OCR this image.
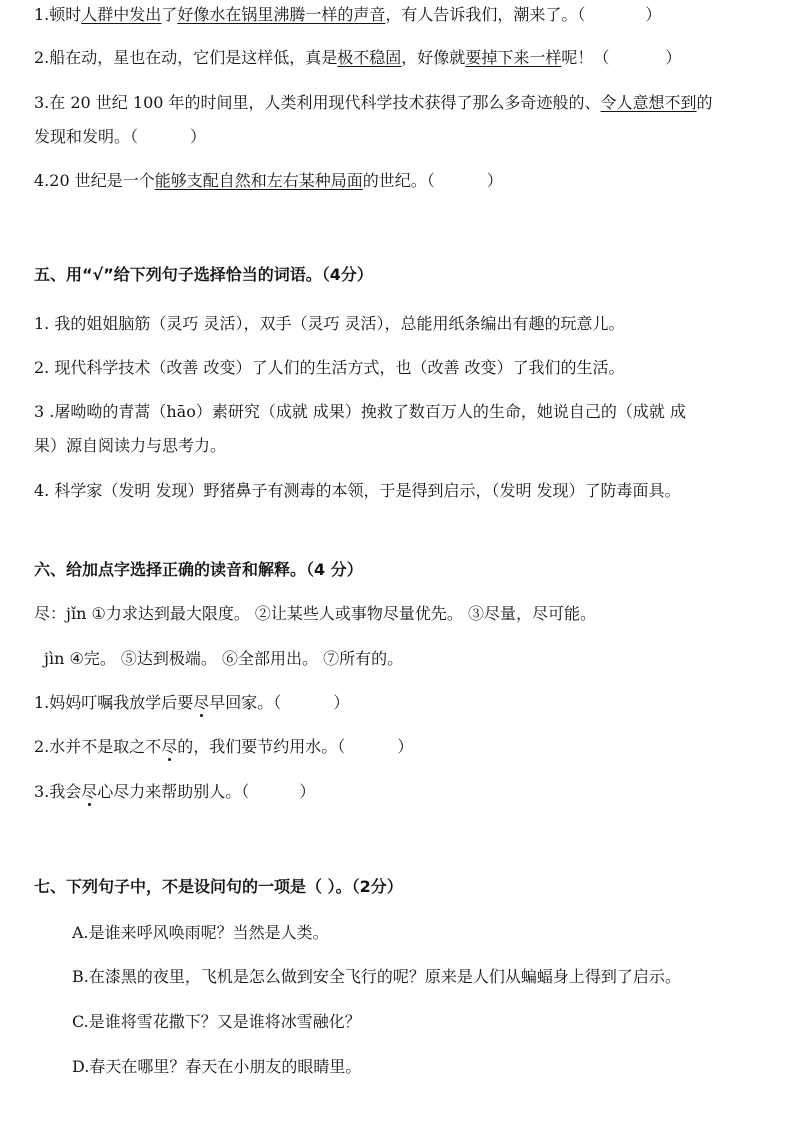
1.顿时人群中发出了好像水在锅里沸腾一样的声音，有人告诉我们，潮来了。（	）
2.船在动，星也在动，它们是这样低，真是极不稳固，好像就要掉下来一样呢！（	）
3.在 20 世纪 100 年的时间里，人类利用现代科学技术获得了那么多奇迹般的、令人意想不到的
发现和发明。（	）
4.20 世纪是一个能够支配自然和左右某种局面的世纪。（	）
五、用“√”给下列句子选择恰当的词语。（4分）
1. 我的姐姐脑筋（灵巧 灵活），双手（灵巧 灵活），总能用纸条编出有趣的玩意儿。
2. 现代科学技术（改善 改变）了人们的生活方式，也（改善 改变）了我们的生活。
3 .屠呦呦的青蒿（hāo）素研究（成就 成果）挽救了数百万人的生命，她说自己的（成就 成
果）源自阅读力与思考力。
4. 科学家（发明 发现）野猪鼻子有测毒的本领，于是得到启示，（发明 发现）了防毒面具。
六、给加点字选择正确的读音和解释。（4 分）
尽：jǐn ①力求达到最大限度。 ②让某些人或事物尽量优先。 ③尽量，尽可能。
jìn ④完。 ⑤达到极端。 ⑥全部用出。 ⑦所有的。
1.妈妈叮嘱我放学后要尽早回家。（	）
2.水并不是取之不尽的，我们要节约用水。（	）
3.我会尽心尽力来帮助别人。（	）
七、下列句子中，不是设问句的一项是（ ）。（2分）
A.是谁来呼风唤雨呢？当然是人类。
B.在漆黑的夜里，飞机是怎么做到安全飞行的呢？原来是人们从蝙蝠身上得到了启示。
C.是谁将雪花撒下？又是谁将冰雪融化？
D.春天在哪里？春天在小朋友的眼睛里。
